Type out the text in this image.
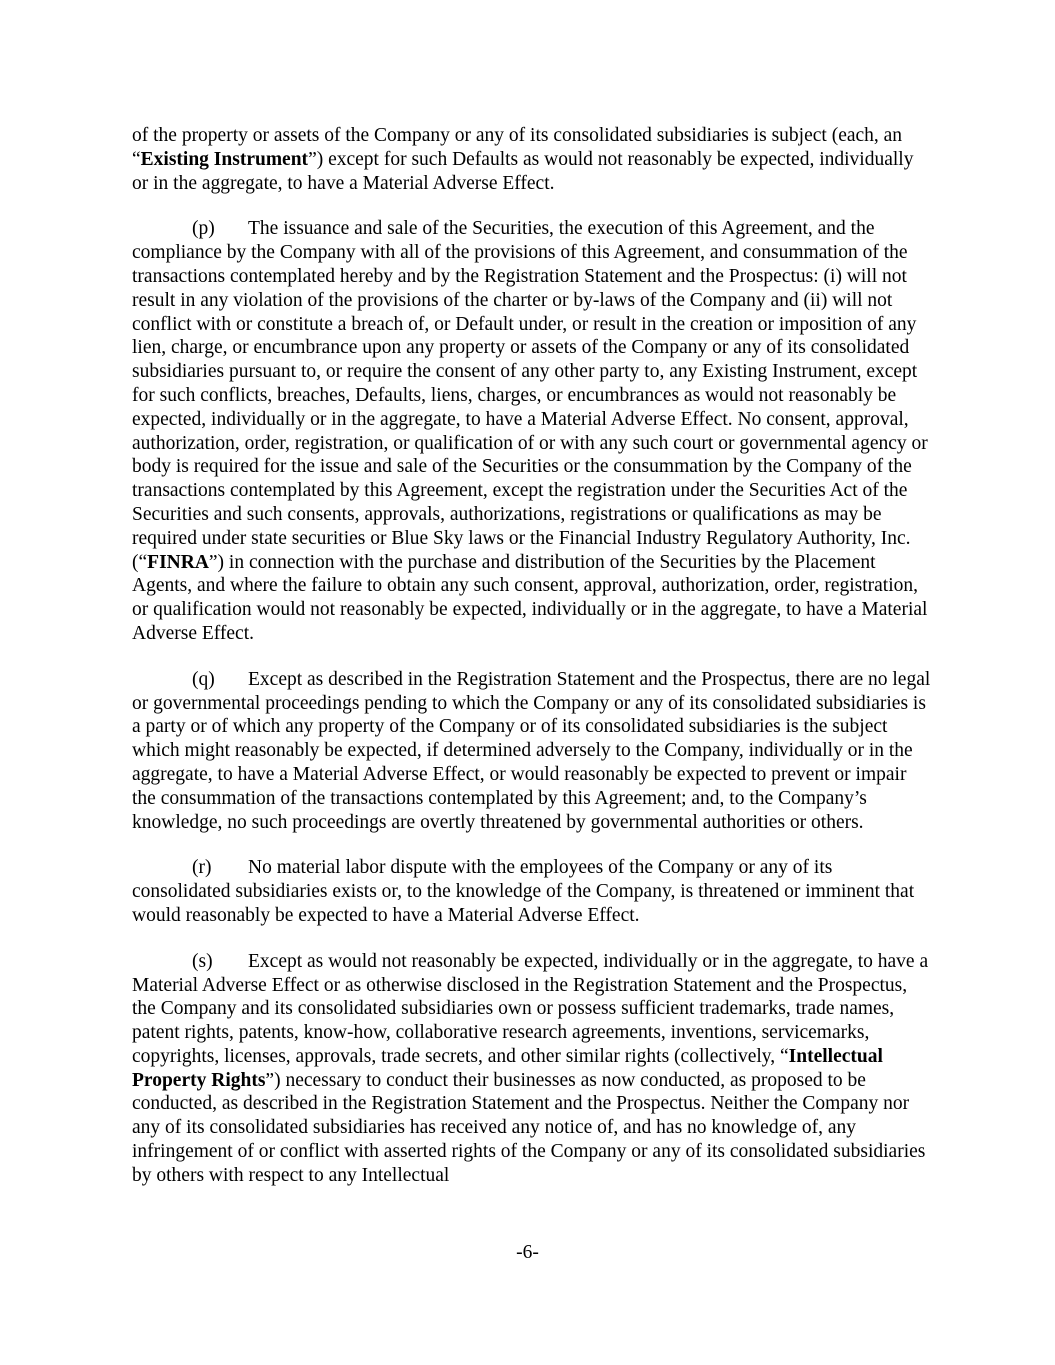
of the property or assets of the Company or any of its consolidated subsidiaries is subject (each, an “Existing Instrument”) except for such Defaults as would not reasonably be expected, individually or in the aggregate, to have a Material Adverse Effect.

(p) The issuance and sale of the Securities, the execution of this Agreement, and the compliance by the Company with all of the provisions of this Agreement, and consummation of the transactions contemplated hereby and by the Registration Statement and the Prospectus: (i) will not result in any violation of the provisions of the charter or by-laws of the Company and (ii) will not conflict with or constitute a breach of, or Default under, or result in the creation or imposition of any lien, charge, or encumbrance upon any property or assets of the Company or any of its consolidated subsidiaries pursuant to, or require the consent of any other party to, any Existing Instrument, except for such conflicts, breaches, Defaults, liens, charges, or encumbrances as would not reasonably be expected, individually or in the aggregate, to have a Material Adverse Effect. No consent, approval, authorization, order, registration, or qualification of or with any such court or governmental agency or body is required for the issue and sale of the Securities or the consummation by the Company of the transactions contemplated by this Agreement, except the registration under the Securities Act of the Securities and such consents, approvals, authorizations, registrations or qualifications as may be required under state securities or Blue Sky laws or the Financial Industry Regulatory Authority, Inc. (“FINRA”) in connection with the purchase and distribution of the Securities by the Placement Agents, and where the failure to obtain any such consent, approval, authorization, order, registration, or qualification would not reasonably be expected, individually or in the aggregate, to have a Material Adverse Effect.

(q) Except as described in the Registration Statement and the Prospectus, there are no legal or governmental proceedings pending to which the Company or any of its consolidated subsidiaries is a party or of which any property of the Company or of its consolidated subsidiaries is the subject which might reasonably be expected, if determined adversely to the Company, individually or in the aggregate, to have a Material Adverse Effect, or would reasonably be expected to prevent or impair the consummation of the transactions contemplated by this Agreement; and, to the Company’s knowledge, no such proceedings are overtly threatened by governmental authorities or others.

(r) No material labor dispute with the employees of the Company or any of its consolidated subsidiaries exists or, to the knowledge of the Company, is threatened or imminent that would reasonably be expected to have a Material Adverse Effect.

(s) Except as would not reasonably be expected, individually or in the aggregate, to have a Material Adverse Effect or as otherwise disclosed in the Registration Statement and the Prospectus, the Company and its consolidated subsidiaries own or possess sufficient trademarks, trade names, patent rights, patents, know-how, collaborative research agreements, inventions, servicemarks, copyrights, licenses, approvals, trade secrets, and other similar rights (collectively, “Intellectual Property Rights”) necessary to conduct their businesses as now conducted, as proposed to be conducted, as described in the Registration Statement and the Prospectus. Neither the Company nor any of its consolidated subsidiaries has received any notice of, and has no knowledge of, any infringement of or conflict with asserted rights of the Company or any of its consolidated subsidiaries by others with respect to any Intellectual

-6-
